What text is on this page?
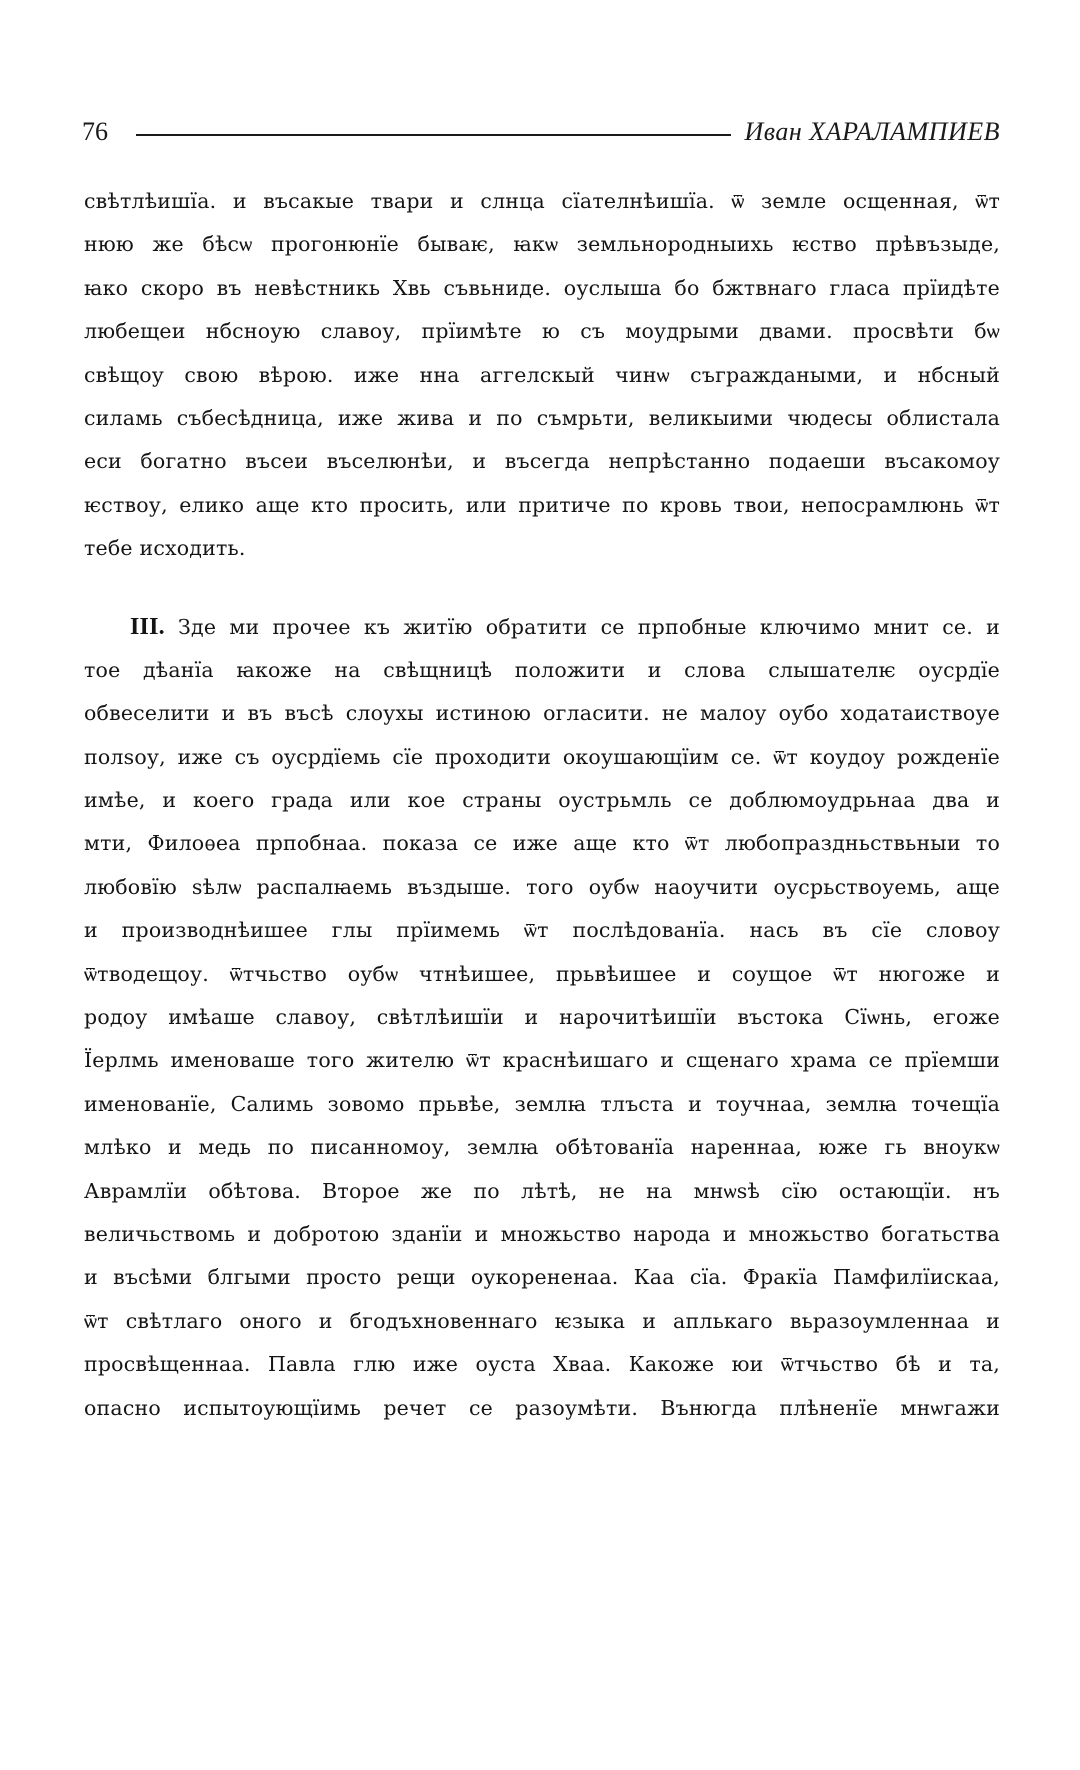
76	Иван ХАРАЛАМПИЕВ
свѣтлѣишїа. и въсакые твари и слнца сїателнѣишїа. ѿ земле осщенная, ѿт
нюю же бѣсѡ прогонюнїе бываѥ, ꙗкѡ земльнородныихь ѥство прѣвъзыде,
ꙗко скоро въ невѣстникь Хвь съвьниде. оуслыша бо бжтвнаго гласа прїидѣте
любещеи нбсноую славоу, прїимѣте ю съ моудрыми двами. просвѣти бѡ
свѣщоу свою вѣрою. иже нна аггелскый чинѡ съграждаными, и нбсный
силамь събесѣдница, иже жива и по съмрьти, великыими чюдесы облистала
еси богатно въсеи въселюнѣи, и въсегда непрѣстанно подаеши въсакомоу
ѥствоу, елико аще кто просить, или притиче по кровь твои, непосрамлюнь ѿт
тебе исходить.
III. Зде ми прочее къ житїю обратити се прпобные ключимо мнит се. и
тое дѣанїа ꙗкоже на свѣщницѣ положити и слова слышателѥ оусрдїе
обвеселити и въ въсѣ слоухы истиною огласити. не малоу оубо ходатаиствоуе
полѕоу, иже съ оусрдїемь сїе проходити окоушающїим се. ѿт коудоу рожденїе
имѣе, и коего града или кое страны оустрьмль се доблюмоудрьнаа два и
мти, Филоѳеа прпобнаа. показа се иже аще кто ѿт любопраздньствьныи то
любовїю ѕѣлѡ распалꙗемь въздыше. того оубѡ наоучити оусрьствоуемь, аще
и производнѣишее глы прїимемь ѿт послѣдованїа. нась въ сїе словоу
ѿтводещоу. ѿтчьство оубѡ чтнѣишее, прьвѣишее и соущое ѿт нюгоже и
родоу имѣаше славоу, свѣтлѣишїи и нарочитѣишїи въстока Сїѡнь, егоже
Їерлмь именоваше того жителю ѿт краснѣишаго и сщенаго храма се прїемши
именованїе, Салимь зовомо прьвѣе, землꙗ тлъста и тоучнаа, землꙗ точещїа
млѣко и медь по писанномоу, землꙗ обѣтованїа нареннаа, юже гь вноукѡ
Аврамлїи обѣтова. Второе же по лѣтѣ, не на мнѡѕѣ сїю остающїи. нъ
величьствомь и добротою зданїи и множьство народа и множьство богатьства
и въсѣми блгыми просто рещи оукорененаа. Каа сїа. Фракїа Памфилїискаа,
ѿт свѣтлаго оного и бгодъхновеннаго ѥзыка и аплькаго вьразоумленнаа и
просвѣщеннаа. Павла глю иже оуста Хваа. Какоже юи ѿтчьство бѣ и та,
опасно испытоующїимь речет се разоумѣти. Вънюгда плѣненїе мнѡгажи
